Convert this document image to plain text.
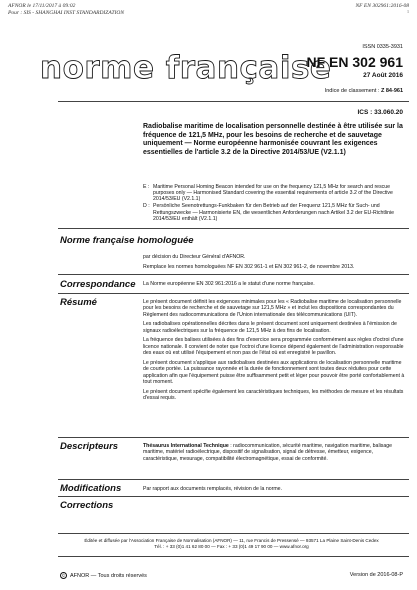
AFNOR le 17/11/2017 à 09:02
Pour : SIS - SHANGHAI INST STANDARDIZATION
NF EN 302961:2016-08
1
ISSN 0335-3931
norme française
NF EN 302 961
27 Août 2016
Indice de classement : Z 84-961
ICS : 33.060.20
Radiobalise maritime de localisation personnelle destinée à être utilisée sur la fréquence de 121,5 MHz, pour les besoins de recherche et de sauvetage uniquement — Norme européenne harmonisée couvrant les exigences essentielles de l'article 3.2 de la Directive 2014/53/UE (V2.1.1)
E : Maritime Personal Homing Beacon intended for use on the frequency 121,5 MHz for search and rescue purposes only — Harmonised Standard covering the essential requirements of article 3.2 of the Directive 2014/53/EU (V2.1.1)
D : Persönliche Seenotrettungs-Funkbaken für den Betrieb auf der Frequenz 121,5 MHz für Such- und Rettungszwecke — Harmonisierte EN, die wesentlichen Anforderungen nach Artikel 3.2 der EU-Richtlinie 2014/53/EU enthält (V2.1.1)
Norme française homologuée

par décision du Directeur Général d'AFNOR.

Remplace les normes homologuées NF EN 302 961-1 et EN 302 961-2, de novembre 2013.

Correspondance La Norme européenne EN 302 961:2016 a le statut d'une norme française.

Résumé	Le présent document définit les exigences minimales pour les « Radiobalise maritime de localisation personnelle pour les besoins de recherche et de sauvetage sur 121,5 MHz » et inclut les dispositions correspondantes du Règlement des radiocommunications de l'Union internationale des télécommunications (UIT).

Les radiobalises opérationnelles décrites dans le présent document sont uniquement destinées à l'émission de signaux radioélectriques sur la fréquence de 121,5 MHz à des fins de localisation.

La fréquence des balises utilisées à des fins d'exercice sera programmée conformément aux règles d'octroi d'une licence nationale. Il convient de noter que l'octroi d'une licence dépend également de l'administration responsable des eaux où est utilisé l'équipement et non pas de l'état où est enregistré le pavillon.

Le présent document s'applique aux radiobalises destinées aux applications de localisation personnelle maritime de courte portée. La puissance rayonnée et la durée de fonctionnement sont toutes deux réduites pour cette application afin que l'équipement puisse être suffisamment petit et léger pour pouvoir être porté confortablement à tout moment.

Le présent document spécifie également les caractéristiques techniques, les méthodes de mesure et les résultats d'essai requis.

Descripteurs	Thésaurus International Technique : radiocommunication, sécurité maritime, navigation maritime, balisage maritime, matériel radioélectrique, dispositif de signalisation, signal de détresse, émetteur, exigence, caractéristique, mesurage, compatibilité électromagnétique, essai de conformité.

Modifications	Par rapport aux documents remplacés, révision de la norme.

Corrections
Éditée et diffusée par l'Association Française de Normalisation (AFNOR) — 11, rue Francis de Pressensé — 93571 La Plaine Saint-Denis Cedex
Tél. : + 33 (0)1 41 62 80 00 — Fax : + 33 (0)1 49 17 90 00 — www.afnor.org
© AFNOR — Tous droits réservés	Version de 2016-08-P
